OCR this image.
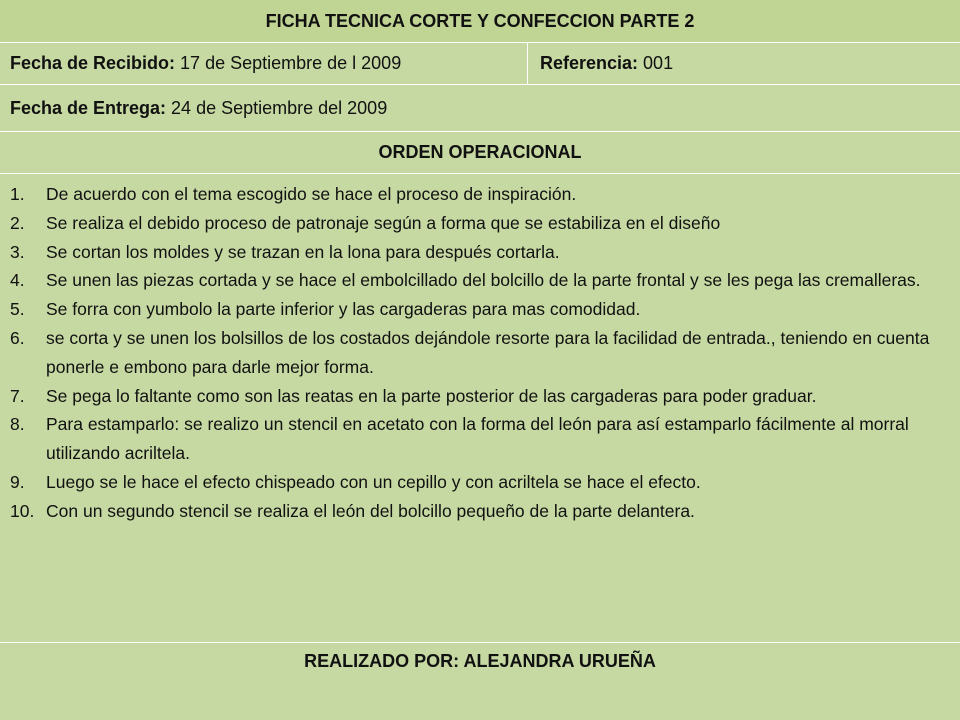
FICHA TECNICA CORTE Y CONFECCION PARTE 2
Fecha de Recibido: 17 de Septiembre de l 2009	Referencia: 001
Fecha de Entrega: 24 de Septiembre del 2009
ORDEN OPERACIONAL
1. De acuerdo con el tema escogido se hace el proceso de inspiración.
2. Se realiza el debido proceso de patronaje según a forma que se estabiliza en el diseño
3. Se cortan los moldes y se trazan en la lona para después cortarla.
4. Se unen las piezas cortada y se hace el embolcillado del bolcillo de la parte frontal y se les pega las cremalleras.
5. Se forra con yumbolo la parte inferior y las cargaderas para mas comodidad.
6. se corta y se unen los bolsillos de los costados dejándole resorte para la facilidad de entrada., teniendo en cuenta ponerle e embono para darle mejor forma.
7. Se pega lo faltante como son las reatas en la parte posterior de las cargaderas para poder graduar.
8. Para estamparlo: se realizo un stencil en acetato con la forma del león para así estamparlo fácilmente al morral utilizando acriltela.
9. Luego se le hace el efecto chispeado con un cepillo y con acriltela se hace el efecto.
10. Con un segundo stencil se realiza el león del bolcillo pequeño de la parte delantera.
REALIZADO POR: ALEJANDRA URUEÑA
